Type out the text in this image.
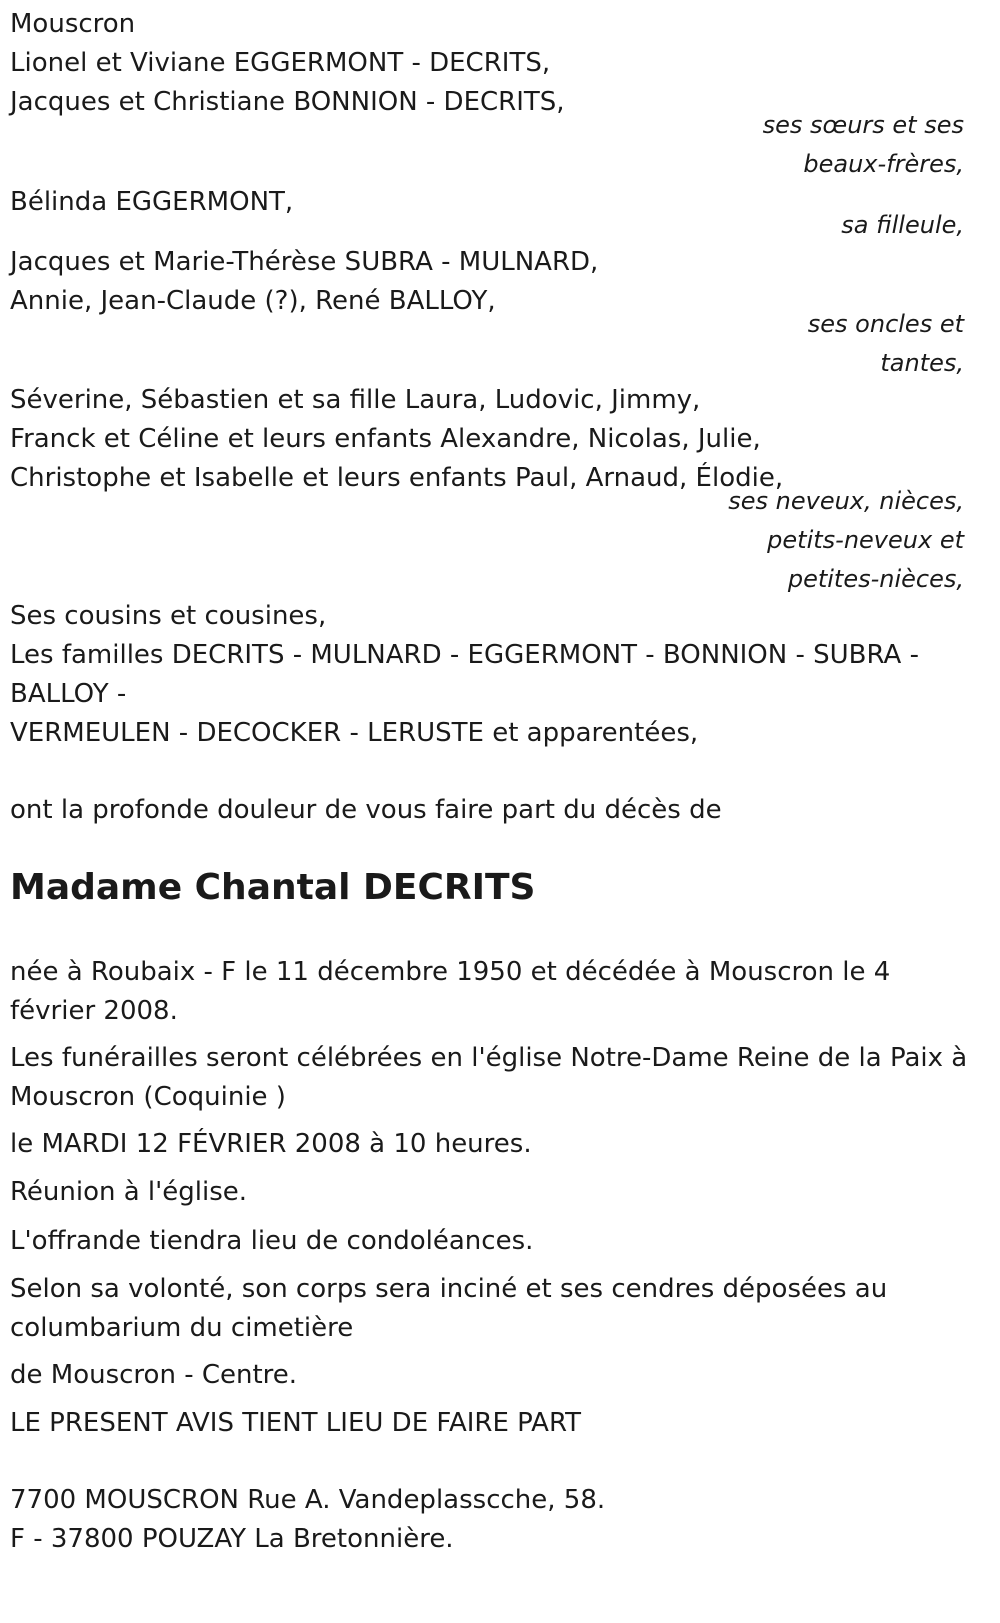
Mouscron

Lionel et Viviane EGGERMONT - DECRITS,

Jacques et Christiane BONNION - DECRITS,

ses sœurs et ses

beaux-frères,

Bélinda EGGERMONT,

sa filleule,

Jacques et Marie-Thérèse SUBRA - MULNARD,

Annie, Jean-Claude (?), René BALLOY,

ses oncles et

tantes,

Séverine, Sébastien et sa fille Laura, Ludovic, Jimmy,

Franck et Céline et leurs enfants Alexandre, Nicolas, Julie,

Christophe et Isabelle et leurs enfants Paul, Arnaud, Élodie,

ses neveux, nièces,

petits-neveux et

petites-nièces,

Ses cousins et cousines,

Les familles DECRITS - MULNARD - EGGERMONT - BONNION - SUBRA -

BALLOY -

VERMEULEN - DECOCKER - LERUSTE et apparentées,

ont la profonde douleur de vous faire part du décès de

Madame Chantal DECRITS

née à Roubaix - F le 11 décembre 1950 et décédée à Mouscron le 4

février 2008.

Les funérailles seront célébrées en l'église Notre-Dame Reine de la Paix à

Mouscron (Coquinie )

le MARDI 12 FÉVRIER 2008 à 10 heures.

Réunion à l'église.

L'offrande tiendra lieu de condoléances.

Selon sa volonté, son corps sera inciné et ses cendres déposées au

columbarium du cimetière

de Mouscron - Centre.

LE PRESENT AVIS TIENT LIEU DE FAIRE PART

7700 MOUSCRON Rue A. Vandeplasscche, 58.

F - 37800 POUZAY La Bretonnière.
